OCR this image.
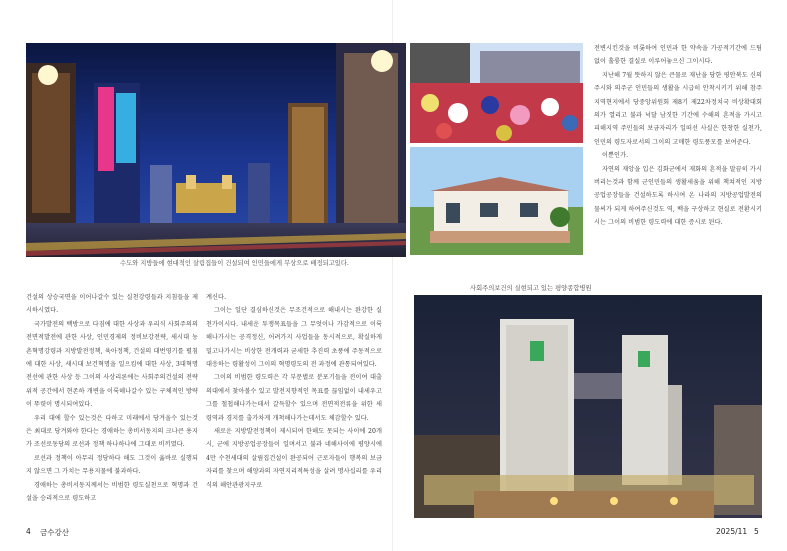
수도와 지방들에 현대적인 살림집들이 건설되여 인민들에게 무상으로 배정되고있다.

전변시킨것을 비롯하여 인민과 한 약속을 가공적기간에 드팀없이 훌륭한 결실로 이루어놓으신 그이시다.

지난해 7월 뜻하지 않은 큰물로 재난을 당한 평안북도 신의주시와 의주군 인민들의 생활을 시급히 안착시키기 위해 참주지역현지에서 당중앙위원회 제8기 제22차정치국 비상확대회의가 열리고 불과 넉달 남짓한 기간에 수해의 흔적을 가시고 피해지역 주민들의 보금자리가 일떠선 사실은 한창한 실천가, 인민의 령도자로서의 그이의 고매한 령도풍모를 보여준다.

이뿐인가.

자연의 재앙을 입은 김화군에서 재화의 흔적을 말끔히 가시버리는것과 함께 군인민들의 생활세움을 위해 책쳐적인 지방공업공장들을 건설하도록 하시여 온 나라의 지방공업발전의 물씨가 되게 하여주신것도 역, 백을 구상하고 현실로 전환시키시는 그이의 비범한 령도력에 대한 증시로 된다.

건설의 상승국면을 이어나갈수 있는 실천강령들과 지침들을 제시하시였다.

국가발전의 백방으로 다짐에 대한 사상과 우리식 사회주의의 전면적발전에 관한 사상, 인민경제의 정비보강전략, 새시대 농촌혁명강령과 지방발전정책, 육아정책, 건설의 대번영기를 펼침에 대한 사상, 새시대 보건혁명을 일으킴에 대한 사상, 3대혁명전선에 관한 사상 등 그이의 사상리론에는 사회주의건설의 전략위적 공간에서 현존하 개변을 이룩해나갈수 있는 구체적인 방략이 뚜렷이 명시되여있다.

우리 대에 할수 있는것은 다하고 미래에서 당겨올수 있는것은 최대로 당겨와야 한다는 경애하는 총비서동지의 크나큰 용지가 조선로동당의 로선과 정책 하나하나에 그대로 비끼였다.

로선과 정책이 아무리 정당하다 해도 그것이 옳바로 실행되지 않으면 그 가치는 무용지물에 불과하다.

경애하는 총비서동지께서는 비범한 령도실천으로 혁명과 건설을 승리적으로 령도하고

계신다.

그이는 일단 결심하신것은 무조건적으로 해내시는 완강한 실천가이시다. 내세운 투쟁목표들을 그 무엇이나 가감적으로 이룩해나가시는 공격정신, 어려가지 사업들을 동시적으로, 확실하게 밀고나가시는 비상한 전개력과 굳세한 추진력 초풍에 주동적으로 대응하는 령활성이 그이의 혁명령도의 전 과정에 관통되여있다.

그이의 비범한 령도력은 각 부문별로 분포기들을 전이여 대출의대에서 찾아볼수 있고 발전지향적인 목표를 끊임없이 내세우고 그를 철첩해나가는데서 갈득할수 있으며 전면적전류을 위한 새 령역과 경지를 출가차게 개척해나가는데서도 체감할수 있다.

새로운 지방발전정책이 제시되여 한해도 못되는 사이에 20개 시, 군에 지방공업공장들이 일며서고 불과 네해사이에 평양시에 4만 수천세대의 살림집건설이 완공되어 근로자들이 행복의 보금자리를 찾으며 해양과의 자연지리적특성을 살려 명사십리를 우리 식의 해안관광지구로

사회주의보건의 실현되고 있는 평양종합병원
4 금수강산	2025/11 5
